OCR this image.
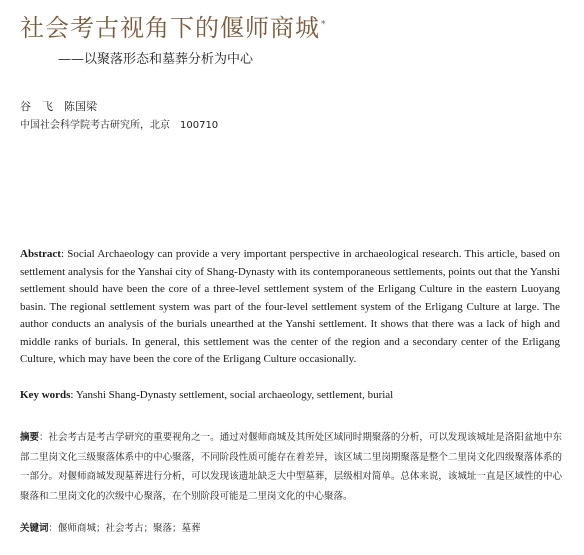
社会考古视角下的偃师商城*
——以聚落形态和墓葬分析为中心
谷　飞　陈国梁
中国社会科学院考古研究所，北京　100710
Abstract: Social Archaeology can provide a very important perspective in archaeological research. This article, based on settlement analysis for the Yanshai city of Shang-Dynasty with its contemporaneous settlements, points out that the Yanshi settlement should have been the core of a three-level settlement system of the Erligang Culture in the eastern Luoyang basin. The regional settlement system was part of the four-level settlement system of the Erligang Culture at large. The author conducts an analysis of the burials unearthed at the Yanshi settlement. It shows that there was a lack of high and middle ranks of burials. In general, this settlement was the center of the region and a secondary center of the Erligang Culture, which may have been the core of the Erligang Culture occasionally.
Key words: Yanshi Shang-Dynasty settlement, social archaeology, settlement, burial
摘要：社会考古是考古学研究的重要视角之一。通过对偃师商城及其所处区域同时期聚落的分析，可以发现该城址是洛阳盆地中东部二里岗文化三级聚落体系中的中心聚落，不同阶段性质可能存在着差异，该区域二里岗期聚落是整个二里岗文化四级聚落体系的一部分。对偃师商城发现墓葬进行分析，可以发现该遗址缺乏大中型墓葬，层级相对简单。总体来说，该城址一直是区域性的中心聚落和二里岗文化的次级中心聚落，在个别阶段可能是二里岗文化的中心聚落。
关键词：偃师商城；社会考古；聚落；墓葬
